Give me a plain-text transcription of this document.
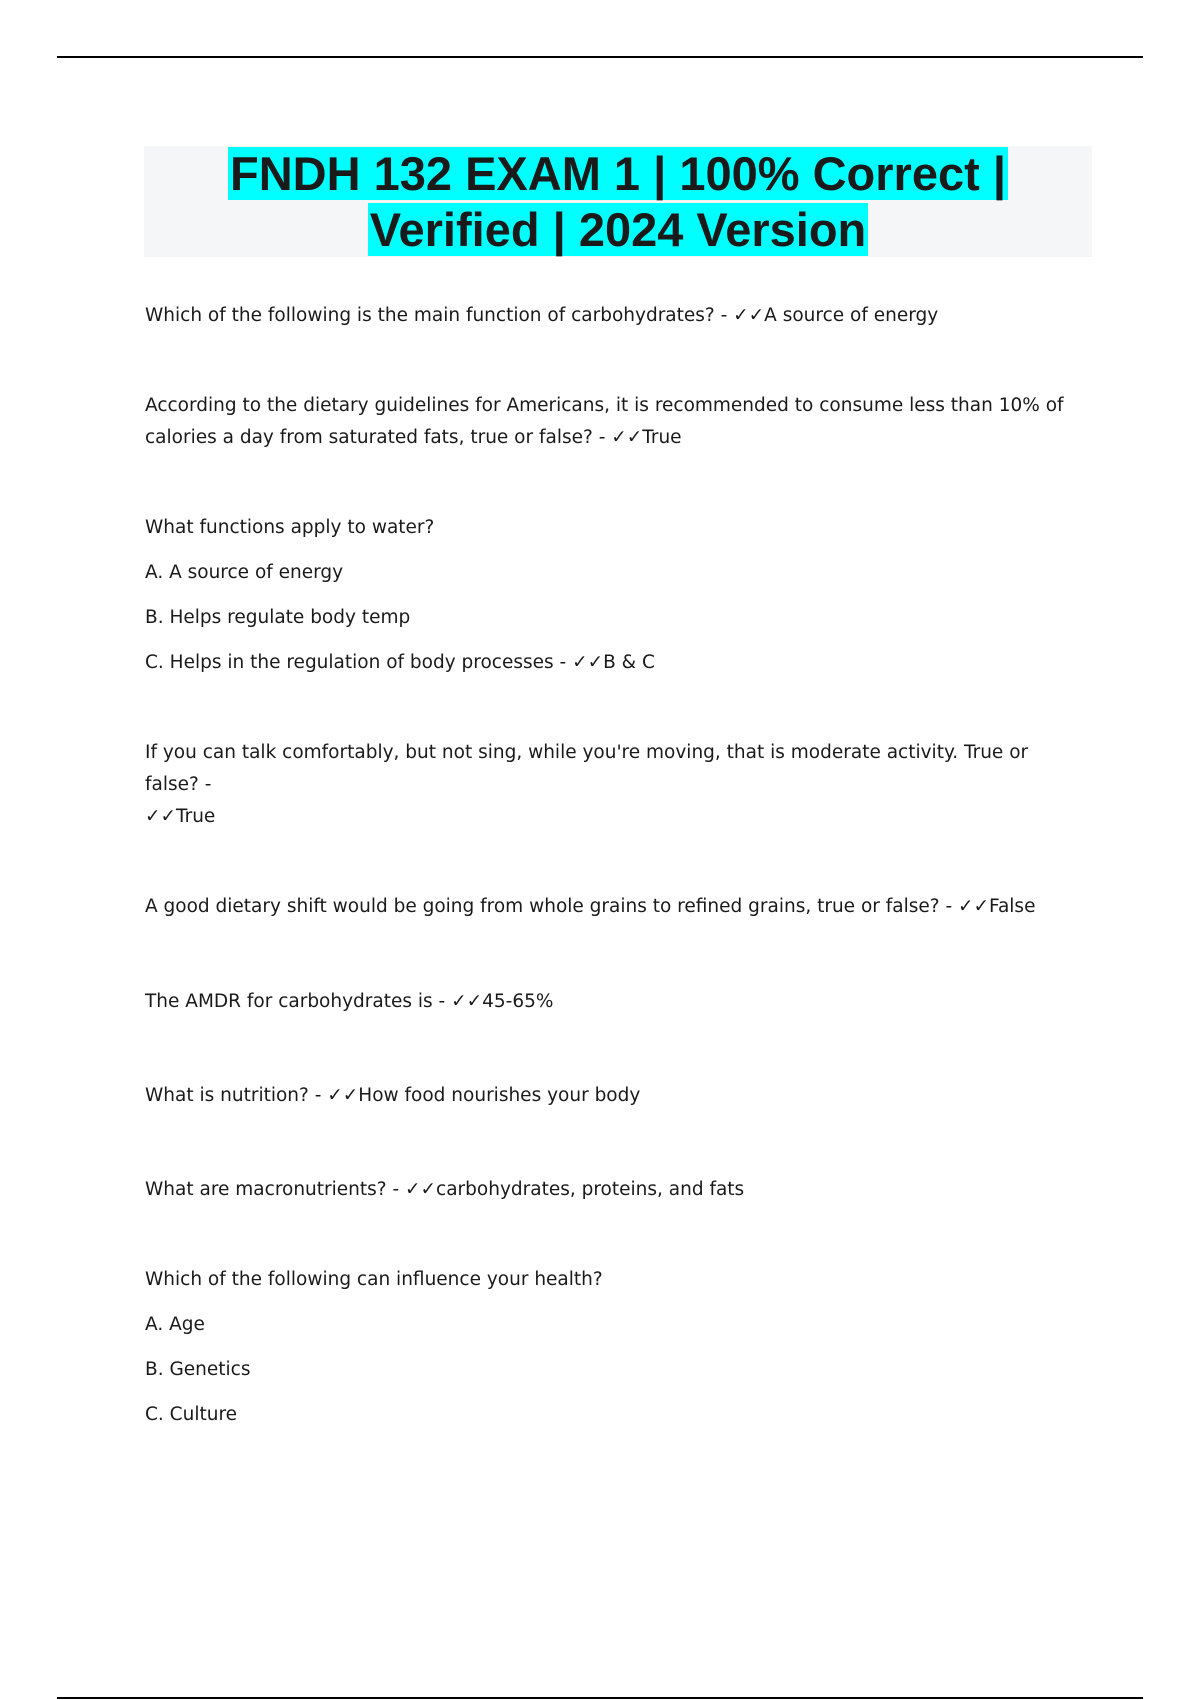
FNDH 132 EXAM 1 | 100% Correct |
Verified | 2024 Version

Which of the following is the main function of carbohydrates? - ✓✓A source of energy

According to the dietary guidelines for Americans, it is recommended to consume less than 10% of
calories a day from saturated fats, true or false? - ✓✓True

What functions apply to water?
A. A source of energy
B. Helps regulate body temp
C. Helps in the regulation of body processes - ✓✓B & C

If you can talk comfortably, but not sing, while you're moving, that is moderate activity. True or false? -
✓✓True

A good dietary shift would be going from whole grains to refined grains, true or false? - ✓✓False

The AMDR for carbohydrates is - ✓✓45-65%

What is nutrition? - ✓✓How food nourishes your body

What are macronutrients? - ✓✓carbohydrates, proteins, and fats

Which of the following can influence your health?
A. Age
B. Genetics
C. Culture
